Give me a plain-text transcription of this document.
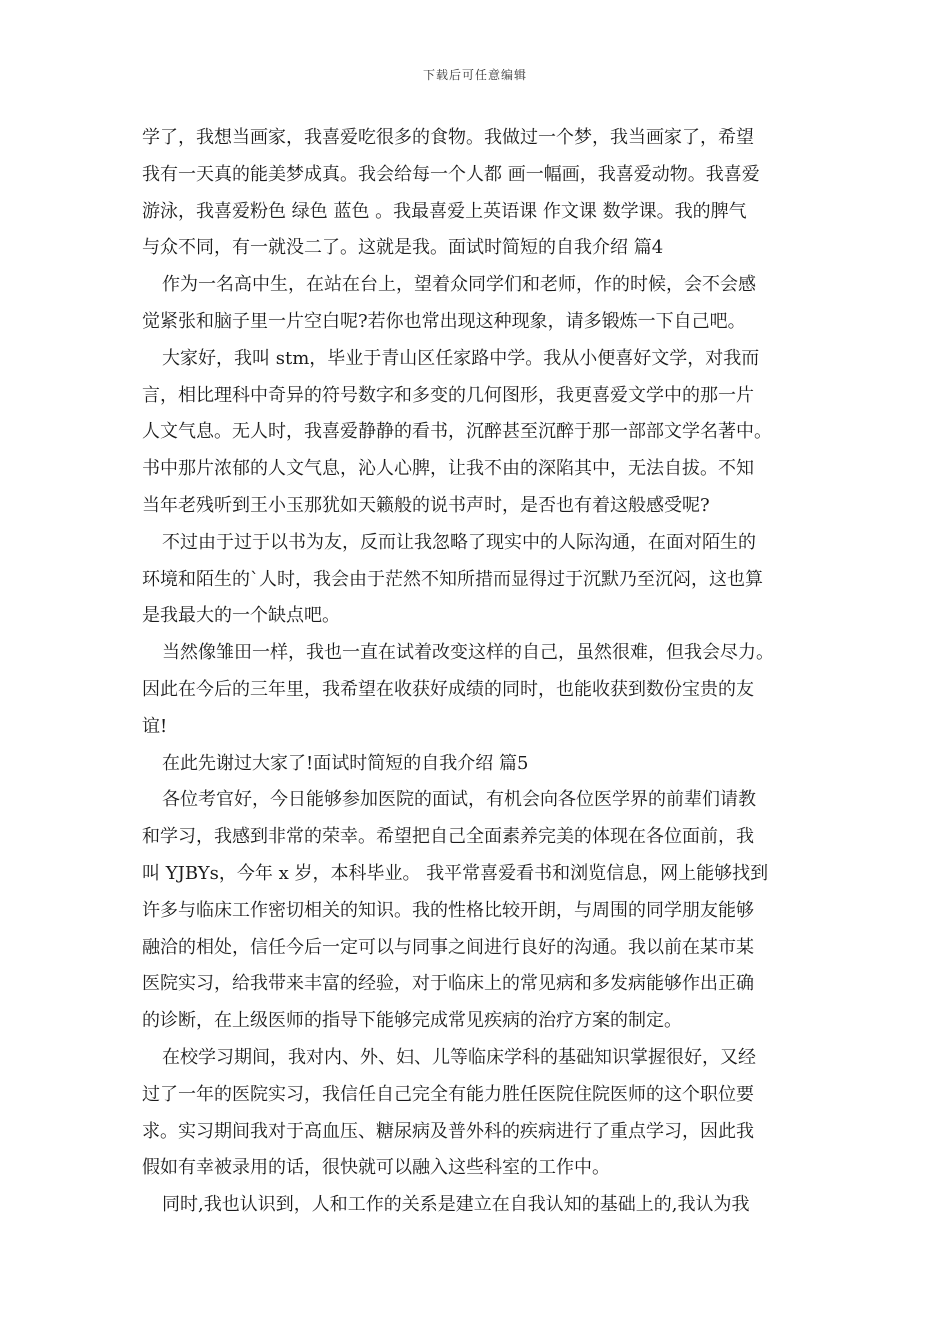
下载后可任意编辑
学了，我想当画家，我喜爱吃很多的食物。我做过一个梦，我当画家了，希望
我有一天真的能美梦成真。我会给每一个人都 画一幅画，我喜爱动物。我喜爱
游泳，我喜爱粉色 绿色 蓝色 。我最喜爱上英语课 作文课 数学课。我的脾气
与众不同，有一就没二了。这就是我。面试时简短的自我介绍 篇4
作为一名高中生，在站在台上，望着众同学们和老师，作的时候，会不会感
觉紧张和脑子里一片空白呢?若你也常出现这种现象，请多锻炼一下自己吧。
大家好，我叫 stm，毕业于青山区任家路中学。我从小便喜好文学，对我而
言，相比理科中奇异的符号数字和多变的几何图形，我更喜爱文学中的那一片
人文气息。无人时，我喜爱静静的看书，沉醉甚至沉醉于那一部部文学名著中。
书中那片浓郁的人文气息，沁人心脾，让我不由的深陷其中，无法自拔。不知
当年老残听到王小玉那犹如天籁般的说书声时，是否也有着这般感受呢?
不过由于过于以书为友，反而让我忽略了现实中的人际沟通，在面对陌生的
环境和陌生的`人时，我会由于茫然不知所措而显得过于沉默乃至沉闷，这也算
是我最大的一个缺点吧。
当然像雏田一样，我也一直在试着改变这样的自己，虽然很难，但我会尽力。
因此在今后的三年里，我希望在收获好成绩的同时，也能收获到数份宝贵的友
谊!
在此先谢过大家了!面试时简短的自我介绍 篇5
各位考官好，今日能够参加医院的面试，有机会向各位医学界的前辈们请教
和学习，我感到非常的荣幸。希望把自己全面素养完美的体现在各位面前，我
叫 YJBYs，今年 x 岁，本科毕业。 我平常喜爱看书和浏览信息，网上能够找到
许多与临床工作密切相关的知识。我的性格比较开朗，与周围的同学朋友能够
融洽的相处，信任今后一定可以与同事之间进行良好的沟通。我以前在某市某
医院实习，给我带来丰富的经验，对于临床上的常见病和多发病能够作出正确
的诊断，在上级医师的指导下能够完成常见疾病的治疗方案的制定。
在校学习期间，我对内、外、妇、儿等临床学科的基础知识掌握很好，又经
过了一年的医院实习，我信任自己完全有能力胜任医院住院医师的这个职位要
求。实习期间我对于高血压、糖尿病及普外科的疾病进行了重点学习，因此我
假如有幸被录用的话，很快就可以融入这些科室的工作中。
同时,我也认识到，人和工作的关系是建立在自我认知的基础上的,我认为我
